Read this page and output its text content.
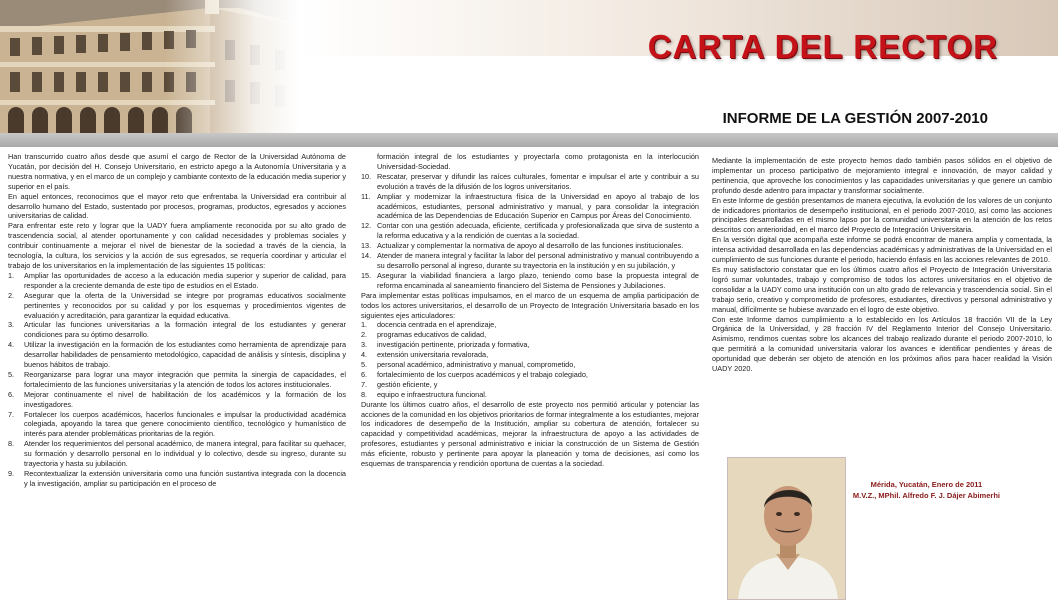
CARTA DEL RECTOR
INFORME DE LA GESTIÓN 2007-2010

Han transcurrido cuatro años desde que asumí el cargo de Rector de la Universidad Autónoma de Yucatán, por decisión del H. Consejo Universitario, en estricto apego a la Autonomía Universitaria y a nuestra normativa, y en el marco de un complejo y cambiante contexto de la educación media superior y superior en el país.

En aquel entonces, reconocimos que el mayor reto que enfrentaba la Universidad era contribuir al desarrollo humano del Estado, sustentado por procesos, programas, productos, egresados y acciones universitarias de calidad.

Para enfrentar este reto y lograr que la UADY fuera ampliamente reconocida por su alto grado de trascendencia social, al atender oportunamente y con calidad necesidades y problemas sociales y contribuir continuamente a mejorar el nivel de bienestar de la sociedad a través de la ciencia, la tecnología, la cultura, los servicios y la acción de sus egresados, se requería coordinar y articular el trabajo de los universitarios en la implementación de las siguientes 15 políticas:

1.	Ampliar las oportunidades de acceso a la educación media superior y superior de calidad, para responder a la creciente demanda de este tipo de estudios en el Estado.
2.	Asegurar que la oferta de la Universidad se integre por programas educativos socialmente pertinentes y reconocidos por su calidad y por los esquemas y procedimientos vigentes de evaluación y acreditación, para garantizar la equidad educativa.
3.	Articular las funciones universitarias a la formación integral de los estudiantes y generar condiciones para su óptimo desarrollo.
4.	Utilizar la investigación en la formación de los estudiantes como herramienta de aprendizaje para desarrollar habilidades de pensamiento metodológico, capacidad de análisis y síntesis, disciplina y buenos hábitos de trabajo.
5.	Reorganizarse para lograr una mayor integración que permita la sinergia de capacidades, el fortalecimiento de las funciones universitarias y la atención de todos los actores institucionales.
6.	Mejorar continuamente el nivel de habilitación de los académicos y la formación de los investigadores.
7.	Fortalecer los cuerpos académicos, hacerlos funcionales e impulsar la productividad académica colegiada, apoyando la tarea que genere conocimiento científico, tecnológico y humanístico de interés para atender problemáticas prioritarias de la región.
8.	Atender los requerimientos del personal académico, de manera integral, para facilitar su quehacer, su formación y desarrollo personal en lo individual y lo colectivo, desde su ingreso, durante su trayectoria y hasta su jubilación.
9.	Recontextualizar la extensión universitaria como una función sustantiva integrada con la docencia y la investigación, ampliar su participación en el proceso de

formación integral de los estudiantes y proyectarla como protagonista en la interlocución Universidad-Sociedad.

10. Rescatar, preservar y difundir las raíces culturales, fomentar e impulsar el arte y contribuir a su evolución a través de la difusión de los logros universitarios.
11. Ampliar y modernizar la infraestructura física de la Universidad en apoyo al trabajo de los académicos, estudiantes, personal administrativo y manual, y para consolidar la integración académica de las Dependencias de Educación Superior en Campus por Áreas del Conocimiento.
12. Contar con una gestión adecuada, eficiente, certificada y profesionalizada que sirva de sustento a la reforma educativa y a la rendición de cuentas a la sociedad.
13. Actualizar y complementar la normativa de apoyo al desarrollo de las funciones institucionales.
14. Atender de manera integral y facilitar la labor del personal administrativo y manual contribuyendo a su desarrollo personal al ingreso, durante su trayectoria en la institución y en su jubilación, y
15. Asegurar la viabilidad financiera a largo plazo, teniendo como base la propuesta integral de reforma encaminada al saneamiento financiero del Sistema de Pensiones y Jubilaciones.

Para implementar estas políticas impulsamos, en el marco de un esquema de amplia participación de todos los actores universitarios, el desarrollo de un Proyecto de Integración Universitaria basado en los siguientes ejes articuladores:

1.	docencia centrada en el aprendizaje,
2.	programas educativos de calidad,
3.	investigación pertinente, priorizada y formativa,
4.	extensión universitaria revalorada,
5.	personal académico, administrativo y manual, comprometido,
6.	fortalecimiento de los cuerpos académicos y el trabajo colegiado,
7.	gestión eficiente, y
8.	equipo e infraestructura funcional.

Durante los últimos cuatro años, el desarrollo de este proyecto nos permitió articular y potenciar las acciones de la comunidad en los objetivos prioritarios de formar integralmente a los estudiantes, mejorar los indicadores de desempeño de la Institución, ampliar su cobertura de atención, fortalecer su capacidad y competitividad académicas, mejorar la infraestructura de apoyo a las actividades de profesores, estudiantes y personal administrativo e iniciar la construcción de un Sistema de Gestión más eficiente, robusto y pertinente para apoyar la planeación y toma de decisiones, así como los esquemas de transparencia y rendición oportuna de cuentas a la sociedad.

Mediante la implementación de este proyecto hemos dado también pasos sólidos en el objetivo de implementar un proceso participativo de mejoramiento integral e innovación, de mayor calidad y pertinencia, que aproveche los conocimientos y las capacidades universitarias y que genere un cambio profundo desde adentro para impactar y transformar socialmente.

En este Informe de gestión presentamos de manera ejecutiva, la evolución de los valores de un conjunto de indicadores prioritarios de desempeño institucional, en el periodo 2007-2010, así como las acciones principales desarrolladas en el mismo lapso por la comunidad universitaria en la atención de los retos descritos con anterioridad, en el marco del Proyecto de Integración Universitaria.

En la versión digital que acompaña este informe se podrá encontrar de manera amplia y comentada, la intensa actividad desarrollada en las dependencias académicas y administrativas de la Universidad en el cumplimiento de sus funciones durante el periodo, haciendo énfasis en las acciones relevantes de 2010.

Es muy satisfactorio constatar que en los últimos cuatro años el Proyecto de Integración Universitaria logró sumar voluntades, trabajo y compromiso de todos los actores universitarios en el objetivo de consolidar a la UADY como una institución con un alto grado de relevancia y trascendencia social. Sin el trabajo serio, creativo y comprometido de profesores, estudiantes, directivos y personal administrativo y manual, difícilmente se hubiese avanzado en el logro de este objetivo.

Con este Informe damos cumplimiento a lo establecido en los Artículos 18 fracción VII de la Ley Orgánica de la Universidad, y 28 fracción IV del Reglamento Interior del Consejo Universitario. Asimismo, rendimos cuentas sobre los alcances del trabajo realizado durante el periodo 2007-2010, lo que permitirá a la comunidad universitaria valorar los avances e identificar pendientes y áreas de oportunidad que deberán ser objeto de atención en los próximos años para hacer realidad la Visión UADY 2020.

Mérida, Yucatán, Enero de 2011
M.V.Z., MPhil. Alfredo F. J. Dájer Abimerhi
